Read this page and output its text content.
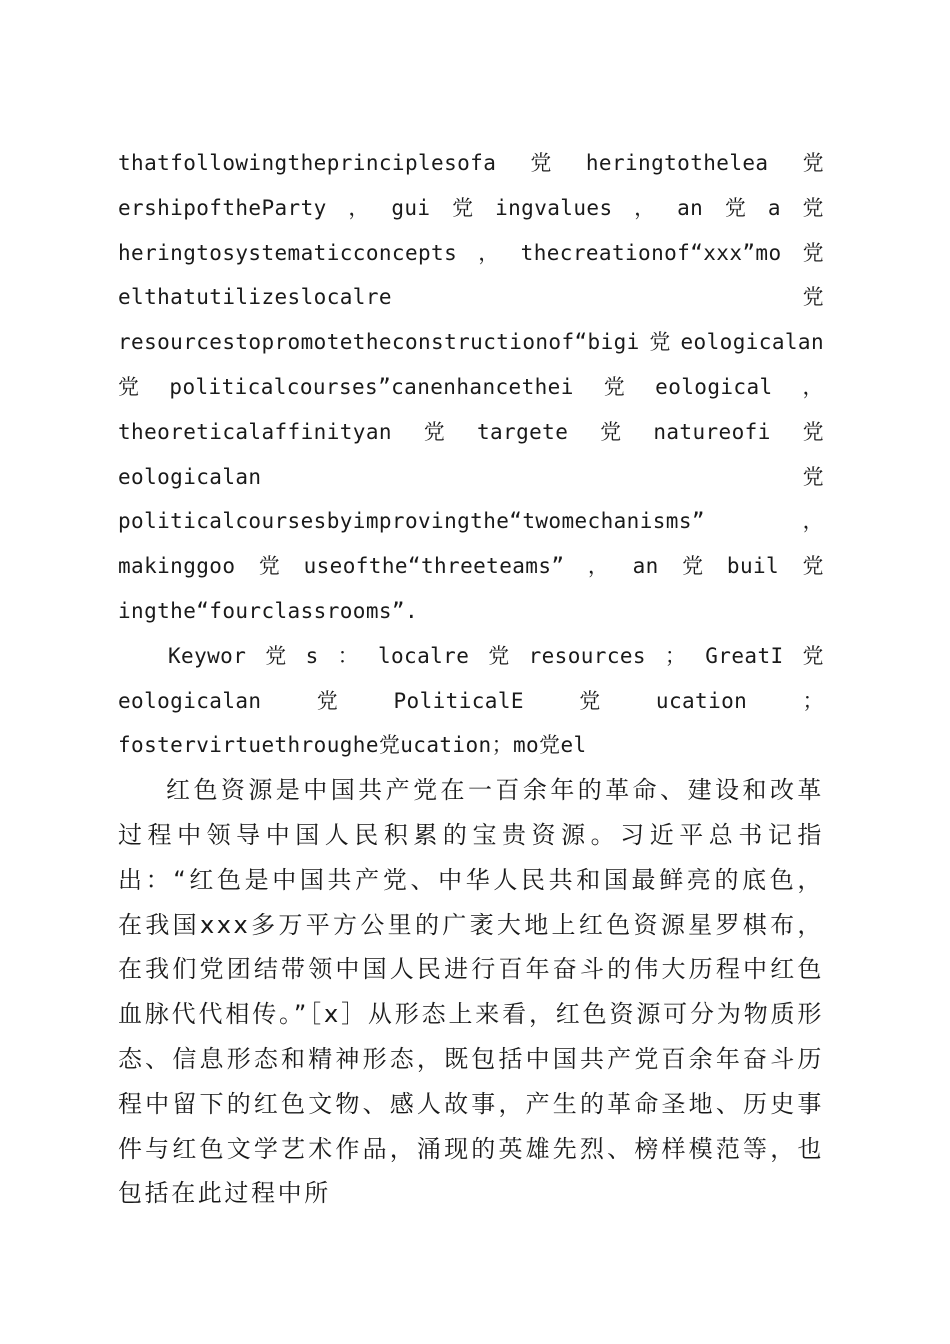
thatfollowingtheprinciplesofa 党 heringtothelea 党
ershipoftheParty ， gui 党 ingvalues ， an 党 a 党
heringtosystematicconcepts ， thecreationof“xxx”mo 党
elthatutilizeslocalre	党
resourcestopromotetheconstructionof“bigi 党 eologicalan
党 politicalcourses”canenhancethei 党 eological ，
theoreticalaffinityan 党 targete 党 natureofi 党
eologicalan	党
politicalcoursesbyimprovingthe“twomechanisms”	，
makinggoo 党 useofthe“threeteams” ， an 党 buil 党
ingthe“fourclassrooms”.
Keywor 党 s ： localre 党 resources ； GreatI 党
eologicalan	党	PoliticalE	党	ucation	；
fostervirtuethroughe党ucation；mo党el

红色资源是中国共产党在一百余年的革命、建设和改革过程中领导中国人民积累的宝贵资源。习近平总书记指出：“红色是中国共产党、中华人民共和国最鲜亮的底色，在我国xxx多万平方公里的广袤大地上红色资源星罗棋布，在我们党团结带领中国人民进行百年奋斗的伟大历程中红色血脉代代相传。”［x］从形态上来看，红色资源可分为物质形态、信息形态和精神形态，既包括中国共产党百余年奋斗历程中留下的红色文物、感人故事，产生的革命圣地、历史事件与红色文学艺术作品，涌现的英雄先烈、榜样模范等，也包括在此过程中所
